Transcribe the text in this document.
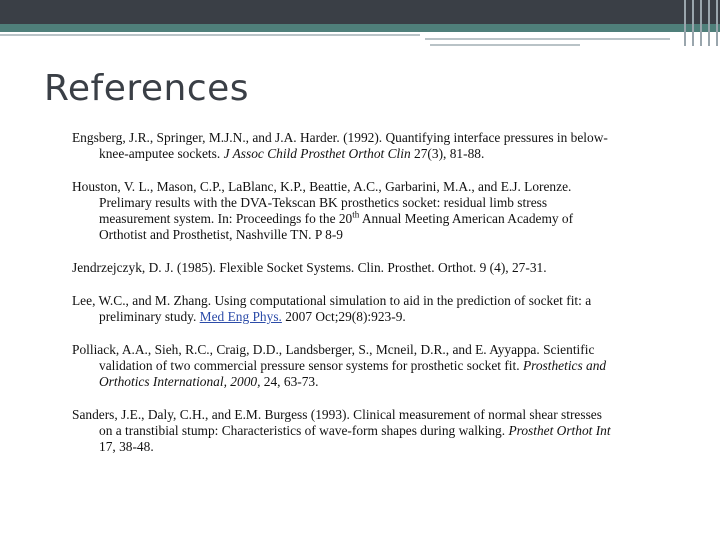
References

Engsberg, J.R., Springer, M.J.N., and J.A. Harder. (1992). Quantifying interface pressures in below-knee-amputee sockets. J Assoc Child Prosthet Orthot Clin 27(3), 81-88.

Houston, V. L., Mason, C.P., LaBlanc, K.P., Beattie, A.C., Garbarini, M.A., and E.J. Lorenze. Prelimary results with the DVA-Tekscan BK prosthetics socket: residual limb stress measurement system. In: Proceedings fo the 20th Annual Meeting American Academy of Orthotist and Prosthetist, Nashville TN. P 8-9

Jendrzejczyk, D. J. (1985). Flexible Socket Systems. Clin. Prosthet. Orthot. 9 (4), 27-31.

Lee, W.C., and M. Zhang. Using computational simulation to aid in the prediction of socket fit: a preliminary study. Med Eng Phys. 2007 Oct;29(8):923-9.

Polliack, A.A., Sieh, R.C., Craig, D.D., Landsberger, S., Mcneil, D.R., and E. Ayyappa. Scientific validation of two commercial pressure sensor systems for prosthetic socket fit. Prosthetics and Orthotics International, 2000, 24, 63-73.

Sanders, J.E., Daly, C.H., and E.M. Burgess (1993). Clinical measurement of normal shear stresses on a transtibial stump: Characteristics of wave-form shapes during walking. Prosthet Orthot Int 17, 38-48.
